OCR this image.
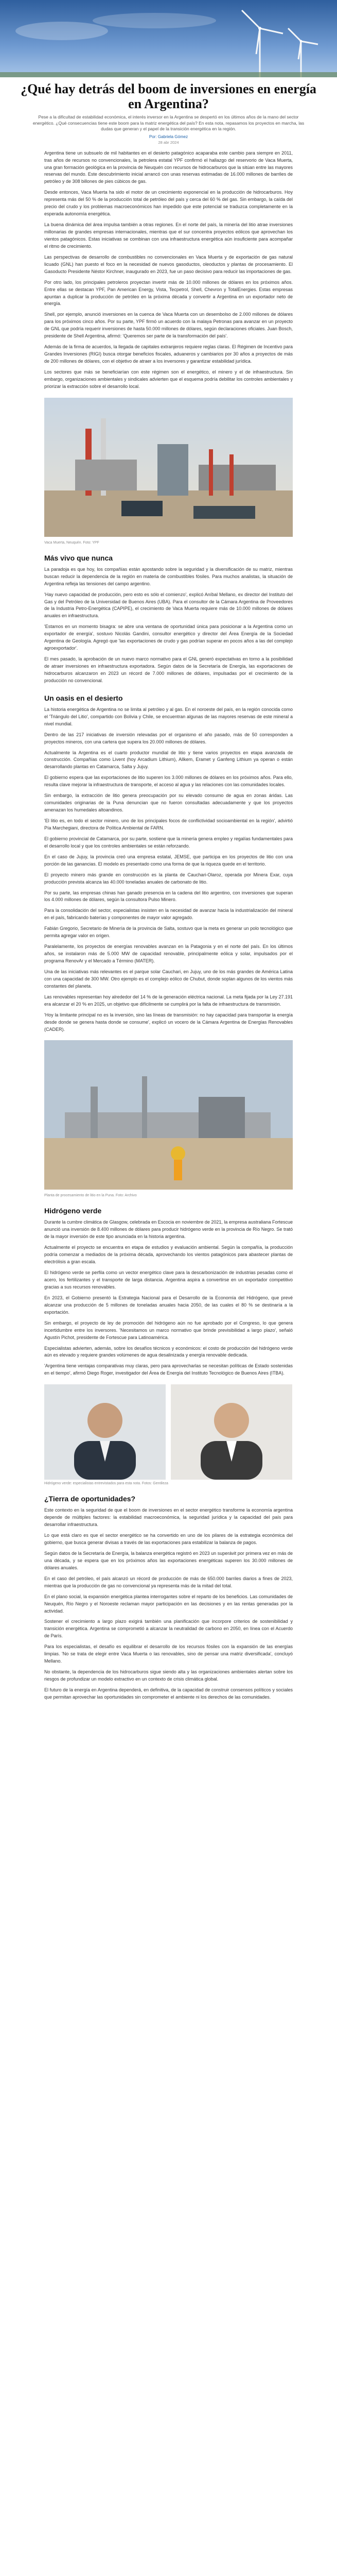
¿Qué hay detrás del boom de inversiones en energía en Argentina?
Pese a la dificultad de estabilidad económica, el interés inversor en la Argentina se despertó en los últimos años de la mano del sector energético. ¿Qué consecuencias tiene este boom para la matriz energética del país? En esta nota, repasamos los proyectos en marcha, las dudas que generan y el papel de la transición energética en la región.
Por: Gabriela Gómez
28 abr 2024

Argentina tiene un subsuelo de mil habitantes en el desierto patagónico acaparaba este cambio para siempre en 2011, tras años de recursos no convencionales, la petrolera estatal YPF confirmó el hallazgo del reservorio de Vaca Muerta, una gran formación geológica en la provincia de Neuquén con recursos de hidrocarburos que la sitúan entre las mayores reservas del mundo. Este descubrimiento inicial arrancó con unas reservas estimadas de 16.000 millones de barriles de petróleo y de 308 billones de pies cúbicos de gas.

Desde entonces, Vaca Muerta ha sido el motor de un crecimiento exponencial en la producción de hidrocarburos. Hoy representa más del 50 % de la producción total de petróleo del país y cerca del 60 % del gas. Sin embargo, la caída del precio del crudo y los problemas macroeconómicos han impedido que este potencial se traduzca completamente en la esperada autonomía energética.

La buena dinámica del área impulsa también a otras regiones. En el norte del país, la minería del litio atrae inversiones millonarias de grandes empresas internacionales, mientras que el sur concentra proyectos eólicos que aprovechan los vientos patagónicos. Estas iniciativas se combinan con una infraestructura energética aún insuficiente para acompañar el ritmo de crecimiento.

Las perspectivas de desarrollo de combustibles no convencionales en Vaca Muerta y de exportación de gas natural licuado (GNL) han puesto el foco en la necesidad de nuevos gasoductos, oleoductos y plantas de procesamiento. El Gasoducto Presidente Néstor Kirchner, inaugurado en 2023, fue un paso decisivo para reducir las importaciones de gas.

Por otro lado, los principales petroleros proyectan invertir más de 10.000 millones de dólares en los próximos años. Entre ellas se destacan YPF, Pan American Energy, Vista, Tecpetrol, Shell, Chevron y TotalEnergies. Estas empresas apuntan a duplicar la producción de petróleo en la próxima década y convertir a Argentina en un exportador neto de energía.

Shell, por ejemplo, anunció inversiones en la cuenca de Vaca Muerta con un desembolso de 2.000 millones de dólares para los próximos cinco años. Por su parte, YPF firmó un acuerdo con la malaya Petronas para avanzar en un proyecto de GNL que podría requerir inversiones de hasta 50.000 millones de dólares, según declaraciones oficiales. Juan Bosch, presidente de Shell Argentina, afirmó: 'Queremos ser parte de la transformación del país'.

Además de la firma de acuerdos, la llegada de capitales extranjeros requiere reglas claras. El Régimen de Incentivo para Grandes Inversiones (RIGI) busca otorgar beneficios fiscales, aduaneros y cambiarios por 30 años a proyectos de más de 200 millones de dólares, con el objetivo de atraer a los inversores y garantizar estabilidad jurídica.

Los sectores que más se beneficiarían con este régimen son el energético, el minero y el de infraestructura. Sin embargo, organizaciones ambientales y sindicales advierten que el esquema podría debilitar los controles ambientales y priorizar la extracción sobre el desarrollo local.

Vaca Muerta, Neuquén. Foto: YPF
Más vivo que nunca

La paradoja es que hoy, los compañías están apostando sobre la seguridad y la diversificación de su matriz, mientras buscan reducir la dependencia de la región en materia de combustibles fósiles. Para muchos analistas, la situación de Argentina refleja las tensiones del campo argentino.

'Hay nuevo capacidad de producción, pero esto es sólo el comienzo', explicó Aníbal Mellano, ex director del Instituto del Gas y del Petróleo de la Universidad de Buenos Aires (UBA). Para el consultor de la Cámara Argentina de Proveedores de la Industria Petro-Energética (CAPIPE), el crecimiento de Vaca Muerta requiere más de 10.000 millones de dólares anuales en infraestructura.

'Estamos en un momento bisagra: se abre una ventana de oportunidad única para posicionar a la Argentina como un exportador de energía', sostuvo Nicolás Gandini, consultor energético y director del Área Energía de la Sociedad Argentina de Geología. Agregó que 'las exportaciones de crudo y gas podrían superar en pocos años a las del complejo agroexportador'.

El mes pasado, la aprobación de un nuevo marco normativo para el GNL generó expectativas en torno a la posibilidad de atraer inversiones en infraestructura exportadora. Según datos de la Secretaría de Energía, las exportaciones de hidrocarburos alcanzaron en 2023 un récord de 7.000 millones de dólares, impulsadas por el crecimiento de la producción no convencional.

Un oasis en el desierto

La historia energética de Argentina no se limita al petróleo y al gas. En el noroeste del país, en la región conocida como el 'Triángulo del Litio', compartido con Bolivia y Chile, se encuentran algunas de las mayores reservas de este mineral a nivel mundial.

Dentro de las 217 iniciativas de inversión relevadas por el organismo el año pasado, más de 50 corresponden a proyectos mineros, con una cartera que supera los 20.000 millones de dólares.

Actualmente la Argentina es el cuarto productor mundial de litio y tiene varios proyectos en etapa avanzada de construcción. Compañías como Livent (hoy Arcadium Lithium), Allkem, Eramet y Ganfeng Lithium ya operan o están desarrollando plantas en Catamarca, Salta y Jujuy.

El gobierno espera que las exportaciones de litio superen los 3.000 millones de dólares en los próximos años. Para ello, resulta clave mejorar la infraestructura de transporte, el acceso al agua y las relaciones con las comunidades locales.

Sin embargo, la extracción de litio genera preocupación por su elevado consumo de agua en zonas áridas. Las comunidades originarias de la Puna denuncian que no fueron consultadas adecuadamente y que los proyectos amenazan los humedales altoandinos.

'El litio es, en todo el sector minero, uno de los principales focos de conflictividad socioambiental en la región', advirtió Pía Marchegiani, directora de Política Ambiental de FARN.

El gobierno provincial de Catamarca, por su parte, sostiene que la minería genera empleo y regalías fundamentales para el desarrollo local y que los controles ambientales se están reforzando.

En el caso de Jujuy, la provincia creó una empresa estatal, JEMSE, que participa en los proyectos de litio con una porción de las ganancias. El modelo es presentado como una forma de que la riqueza quede en el territorio.

El proyecto minero más grande en construcción es la planta de Cauchari-Olaroz, operada por Minera Exar, cuya producción prevista alcanza las 40.000 toneladas anuales de carbonato de litio.

Por su parte, las empresas chinas han ganado presencia en la cadena del litio argentino, con inversiones que superan los 4.000 millones de dólares, según la consultora Pulso Minero.

Para la consolidación del sector, especialistas insisten en la necesidad de avanzar hacia la industrialización del mineral en el país, fabricando baterías y componentes de mayor valor agregado.

Fabián Gregorio, Secretario de Minería de la provincia de Salta, sostuvo que la meta es generar un polo tecnológico que permita agregar valor en origen.

Paralelamente, los proyectos de energías renovables avanzan en la Patagonia y en el norte del país. En los últimos años, se instalaron más de 5.000 MW de capacidad renovable, principalmente eólica y solar, impulsados por el programa RenovAr y el Mercado a Término (MATER).

Una de las iniciativas más relevantes es el parque solar Cauchari, en Jujuy, uno de los más grandes de América Latina con una capacidad de 300 MW. Otro ejemplo es el complejo eólico de Chubut, donde soplan algunos de los vientos más constantes del planeta.

Las renovables representan hoy alrededor del 14 % de la generación eléctrica nacional. La meta fijada por la Ley 27.191 era alcanzar el 20 % en 2025, un objetivo que difícilmente se cumplirá por la falta de infraestructura de transmisión.

'Hoy la limitante principal no es la inversión, sino las líneas de transmisión: no hay capacidad para transportar la energía desde donde se genera hasta donde se consume', explicó un vocero de la Cámara Argentina de Energías Renovables (CADER).

Planta de procesamiento de litio en la Puna. Foto: Archivo
Hidrógeno verde

Durante la cumbre climática de Glasgow, celebrada en Escocia en noviembre de 2021, la empresa australiana Fortescue anunció una inversión de 8.400 millones de dólares para producir hidrógeno verde en la provincia de Río Negro. Se trató de la mayor inversión de este tipo anunciada en la historia argentina.

Actualmente el proyecto se encuentra en etapa de estudios y evaluación ambiental. Según la compañía, la producción podría comenzar a mediados de la próxima década, aprovechando los vientos patagónicos para abastecer plantas de electrólisis a gran escala.

El hidrógeno verde se perfila como un vector energético clave para la descarbonización de industrias pesadas como el acero, los fertilizantes y el transporte de larga distancia. Argentina aspira a convertirse en un exportador competitivo gracias a sus recursos renovables.

En 2023, el Gobierno presentó la Estrategia Nacional para el Desarrollo de la Economía del Hidrógeno, que prevé alcanzar una producción de 5 millones de toneladas anuales hacia 2050, de las cuales el 80 % se destinaría a la exportación.

Sin embargo, el proyecto de ley de promoción del hidrógeno aún no fue aprobado por el Congreso, lo que genera incertidumbre entre los inversores. 'Necesitamos un marco normativo que brinde previsibilidad a largo plazo', señaló Agustín Pichot, presidente de Fortescue para Latinoamérica.

Especialistas advierten, además, sobre los desafíos técnicos y económicos: el costo de producción del hidrógeno verde aún es elevado y requiere grandes volúmenes de agua desalinizada y energía renovable dedicada.

'Argentina tiene ventajas comparativas muy claras, pero para aprovecharlas se necesitan políticas de Estado sostenidas en el tiempo', afirmó Diego Roger, investigador del Área de Energía del Instituto Tecnológico de Buenos Aires (ITBA).

Hidrógeno verde: especialistas entrevistados para esta nota. Fotos: Gentileza
¿Tierra de oportunidades?

Este contexto en la seguridad de que el boom de inversiones en el sector energético transforme la economía argentina depende de múltiples factores: la estabilidad macroeconómica, la seguridad jurídica y la capacidad del país para desarrollar infraestructura.

Lo que está claro es que el sector energético se ha convertido en uno de los pilares de la estrategia económica del gobierno, que busca generar divisas a través de las exportaciones para estabilizar la balanza de pagos.

Según datos de la Secretaría de Energía, la balanza energética registró en 2023 un superávit por primera vez en más de una década, y se espera que en los próximos años las exportaciones energéticas superen los 30.000 millones de dólares anuales.

En el caso del petróleo, el país alcanzó un récord de producción de más de 650.000 barriles diarios a fines de 2023, mientras que la producción de gas no convencional ya representa más de la mitad del total.

En el plano social, la expansión energética plantea interrogantes sobre el reparto de los beneficios. Las comunidades de Neuquén, Río Negro y el Noroeste reclaman mayor participación en las decisiones y en las rentas generadas por la actividad.

Sostener el crecimiento a largo plazo exigirá también una planificación que incorpore criterios de sostenibilidad y transición energética. Argentina se comprometió a alcanzar la neutralidad de carbono en 2050, en línea con el Acuerdo de París.

Para los especialistas, el desafío es equilibrar el desarrollo de los recursos fósiles con la expansión de las energías limpias. 'No se trata de elegir entre Vaca Muerta o las renovables, sino de pensar una matriz diversificada', concluyó Mellano.

No obstante, la dependencia de los hidrocarburos sigue siendo alta y las organizaciones ambientales alertan sobre los riesgos de profundizar un modelo extractivo en un contexto de crisis climática global.

El futuro de la energía en Argentina dependerá, en definitiva, de la capacidad de construir consensos políticos y sociales que permitan aprovechar las oportunidades sin comprometer el ambiente ni los derechos de las comunidades.
